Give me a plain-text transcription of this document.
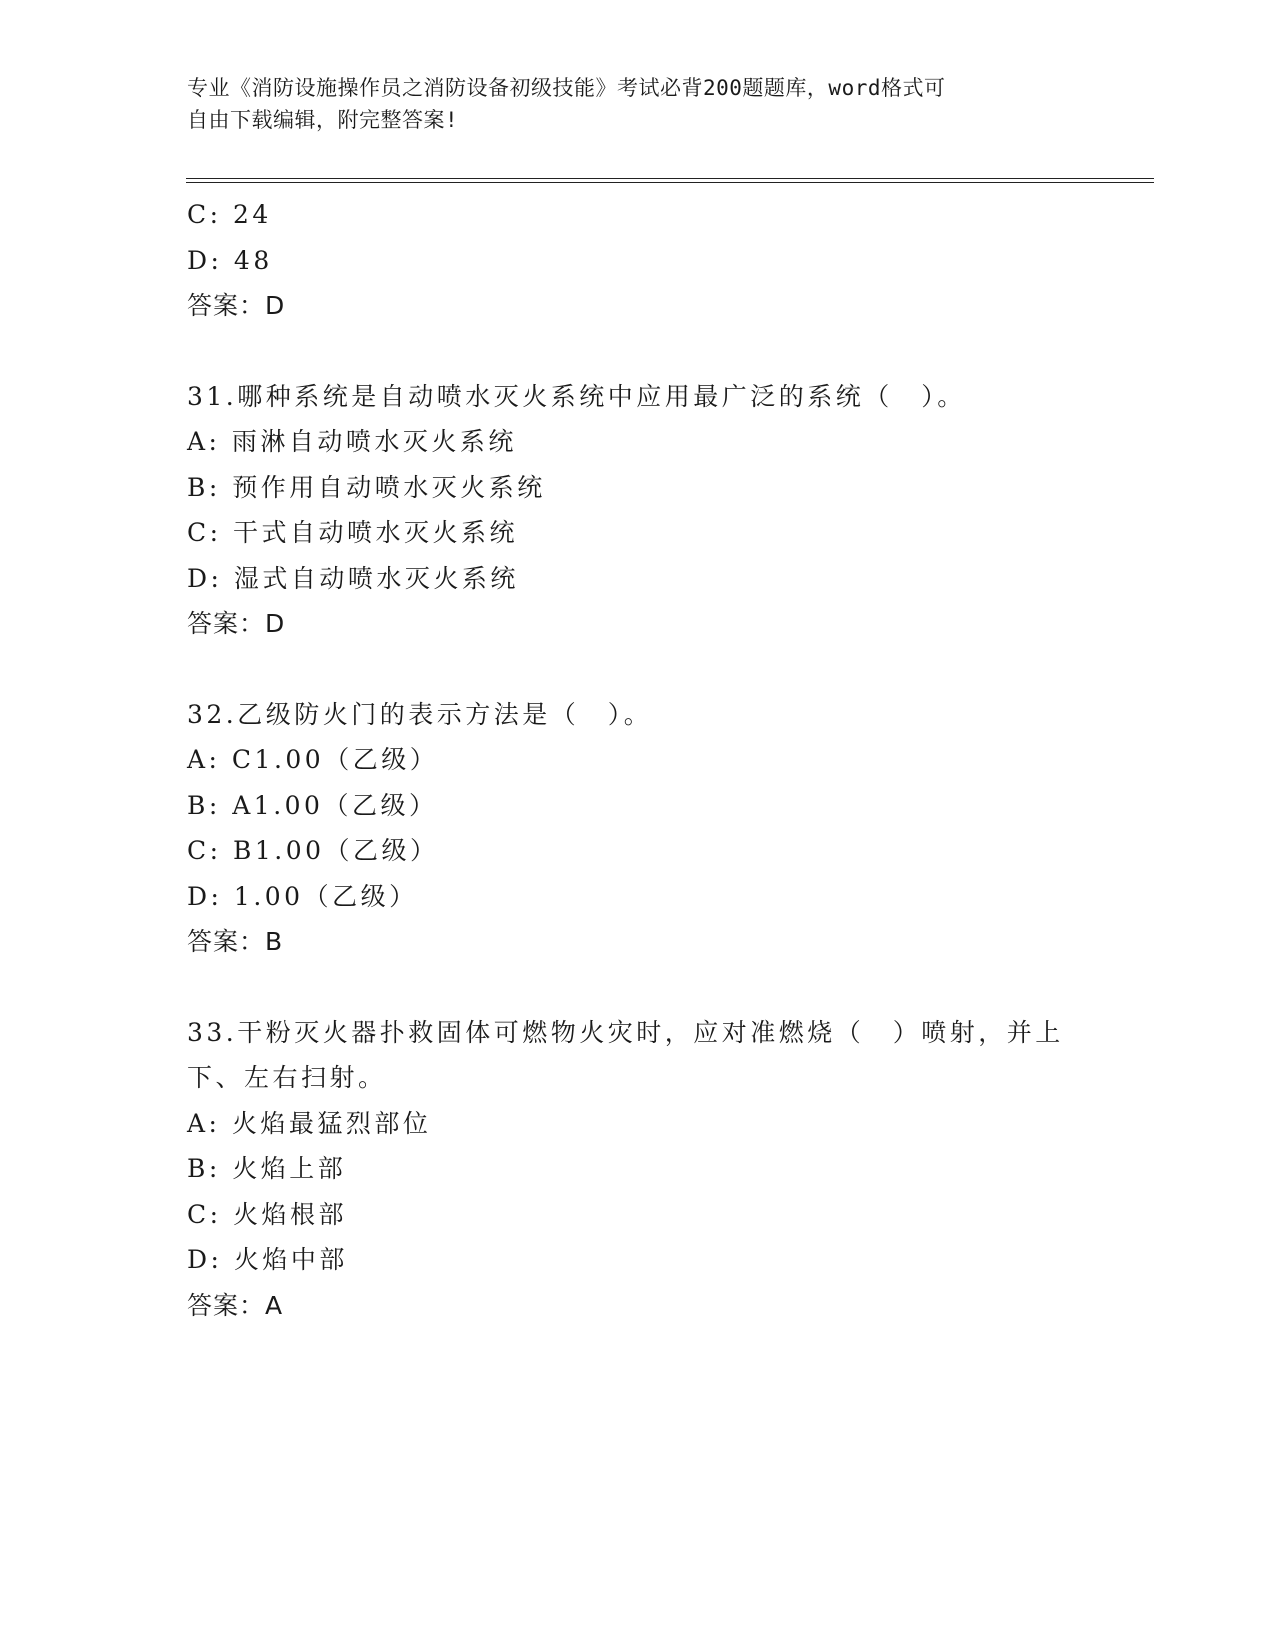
专业《消防设施操作员之消防设备初级技能》考试必背200题题库，word格式可
自由下载编辑，附完整答案!
C: 24
D: 48
答案：D
31.哪种系统是自动喷水灭火系统中应用最广泛的系统（　）。
A: 雨淋自动喷水灭火系统
B: 预作用自动喷水灭火系统
C: 干式自动喷水灭火系统
D: 湿式自动喷水灭火系统
答案：D
32.乙级防火门的表示方法是（　）。
A: C1.00（乙级）
B: A1.00（乙级）
C: B1.00（乙级）
D: 1.00（乙级）
答案：B
33.干粉灭火器扑救固体可燃物火灾时，应对准燃烧（　）喷射，并上
下、左右扫射。
A: 火焰最猛烈部位
B: 火焰上部
C: 火焰根部
D: 火焰中部
答案：A
